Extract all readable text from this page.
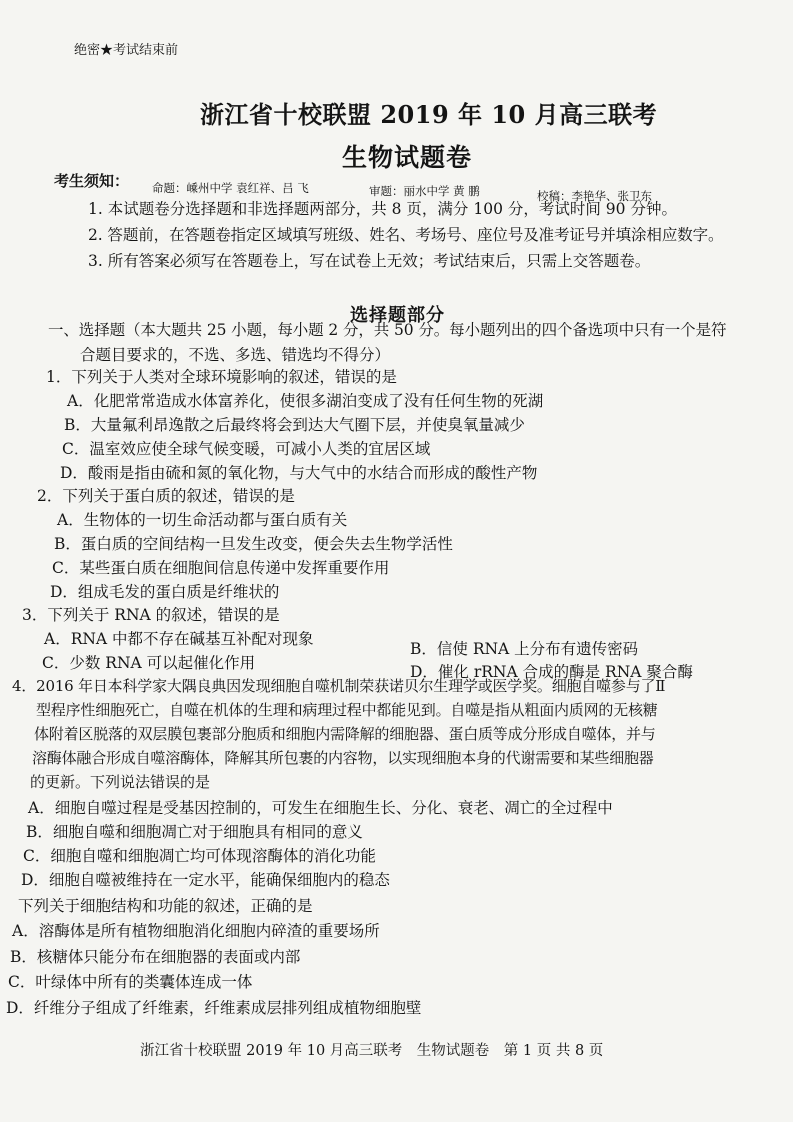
绝密★考试结束前
浙江省十校联盟 2019 年 10 月高三联考
生物试题卷
命题：嵊州中学 袁红祥、吕 飞	审题：丽水中学 黄 鹏	校稿：李艳华、张卫东
考生须知：
1. 本试题卷分选择题和非选择题两部分，共 8 页，满分 100 分，考试时间 90 分钟。
2. 答题前，在答题卷指定区域填写班级、姓名、考场号、座位号及准考证号并填涂相应数字。
3. 所有答案必须写在答题卷上，写在试卷上无效；考试结束后，只需上交答题卷。
选择题部分
一、选择题（本大题共 25 小题，每小题 2 分，共 50 分。每小题列出的四个备选项中只有一个是符
合题目要求的，不选、多选、错选均不得分）
1．下列关于人类对全球环境影响的叙述，错误的是
A．化肥常常造成水体富养化，使很多湖泊变成了没有任何生物的死湖
B．大量氟利昂逸散之后最终将会到达大气圈下层，并使臭氧量减少
C．温室效应使全球气候变暖，可减小人类的宜居区域
D．酸雨是指由硫和氮的氧化物，与大气中的水结合而形成的酸性产物
2．下列关于蛋白质的叙述，错误的是
A．生物体的一切生命活动都与蛋白质有关
B．蛋白质的空间结构一旦发生改变，便会失去生物学活性
C．某些蛋白质在细胞间信息传递中发挥重要作用
D．组成毛发的蛋白质是纤维状的
3．下列关于 RNA 的叙述，错误的是
A．RNA 中都不存在碱基互补配对现象
B．信使 RNA 上分布有遗传密码
C．少数 RNA 可以起催化作用	D．催化 rRNA 合成的酶是 RNA 聚合酶
4．2016 年日本科学家大隅良典因发现细胞自噬机制荣获诺贝尔生理学或医学奖。细胞自噬参与了Ⅱ
型程序性细胞死亡，自噬在机体的生理和病理过程中都能见到。自噬是指从粗面内质网的无核糖
体附着区脱落的双层膜包裹部分胞质和细胞内需降解的细胞器、蛋白质等成分形成自噬体，并与
溶酶体融合形成自噬溶酶体，降解其所包裹的内容物，以实现细胞本身的代谢需要和某些细胞器
的更新。下列说法错误的是
A．细胞自噬过程是受基因控制的，可发生在细胞生长、分化、衰老、凋亡的全过程中
B．细胞自噬和细胞凋亡对于细胞具有相同的意义
C．细胞自噬和细胞凋亡均可体现溶酶体的消化功能
D．细胞自噬被维持在一定水平，能确保细胞内的稳态
下列关于细胞结构和功能的叙述，正确的是
A．溶酶体是所有植物细胞消化细胞内碎渣的重要场所
B．核糖体只能分布在细胞器的表面或内部
C．叶绿体中所有的类囊体连成一体
D．纤维分子组成了纤维素，纤维素成层排列组成植物细胞壁
浙江省十校联盟 2019 年 10 月高三联考　生物试题卷　第 1 页 共 8 页
